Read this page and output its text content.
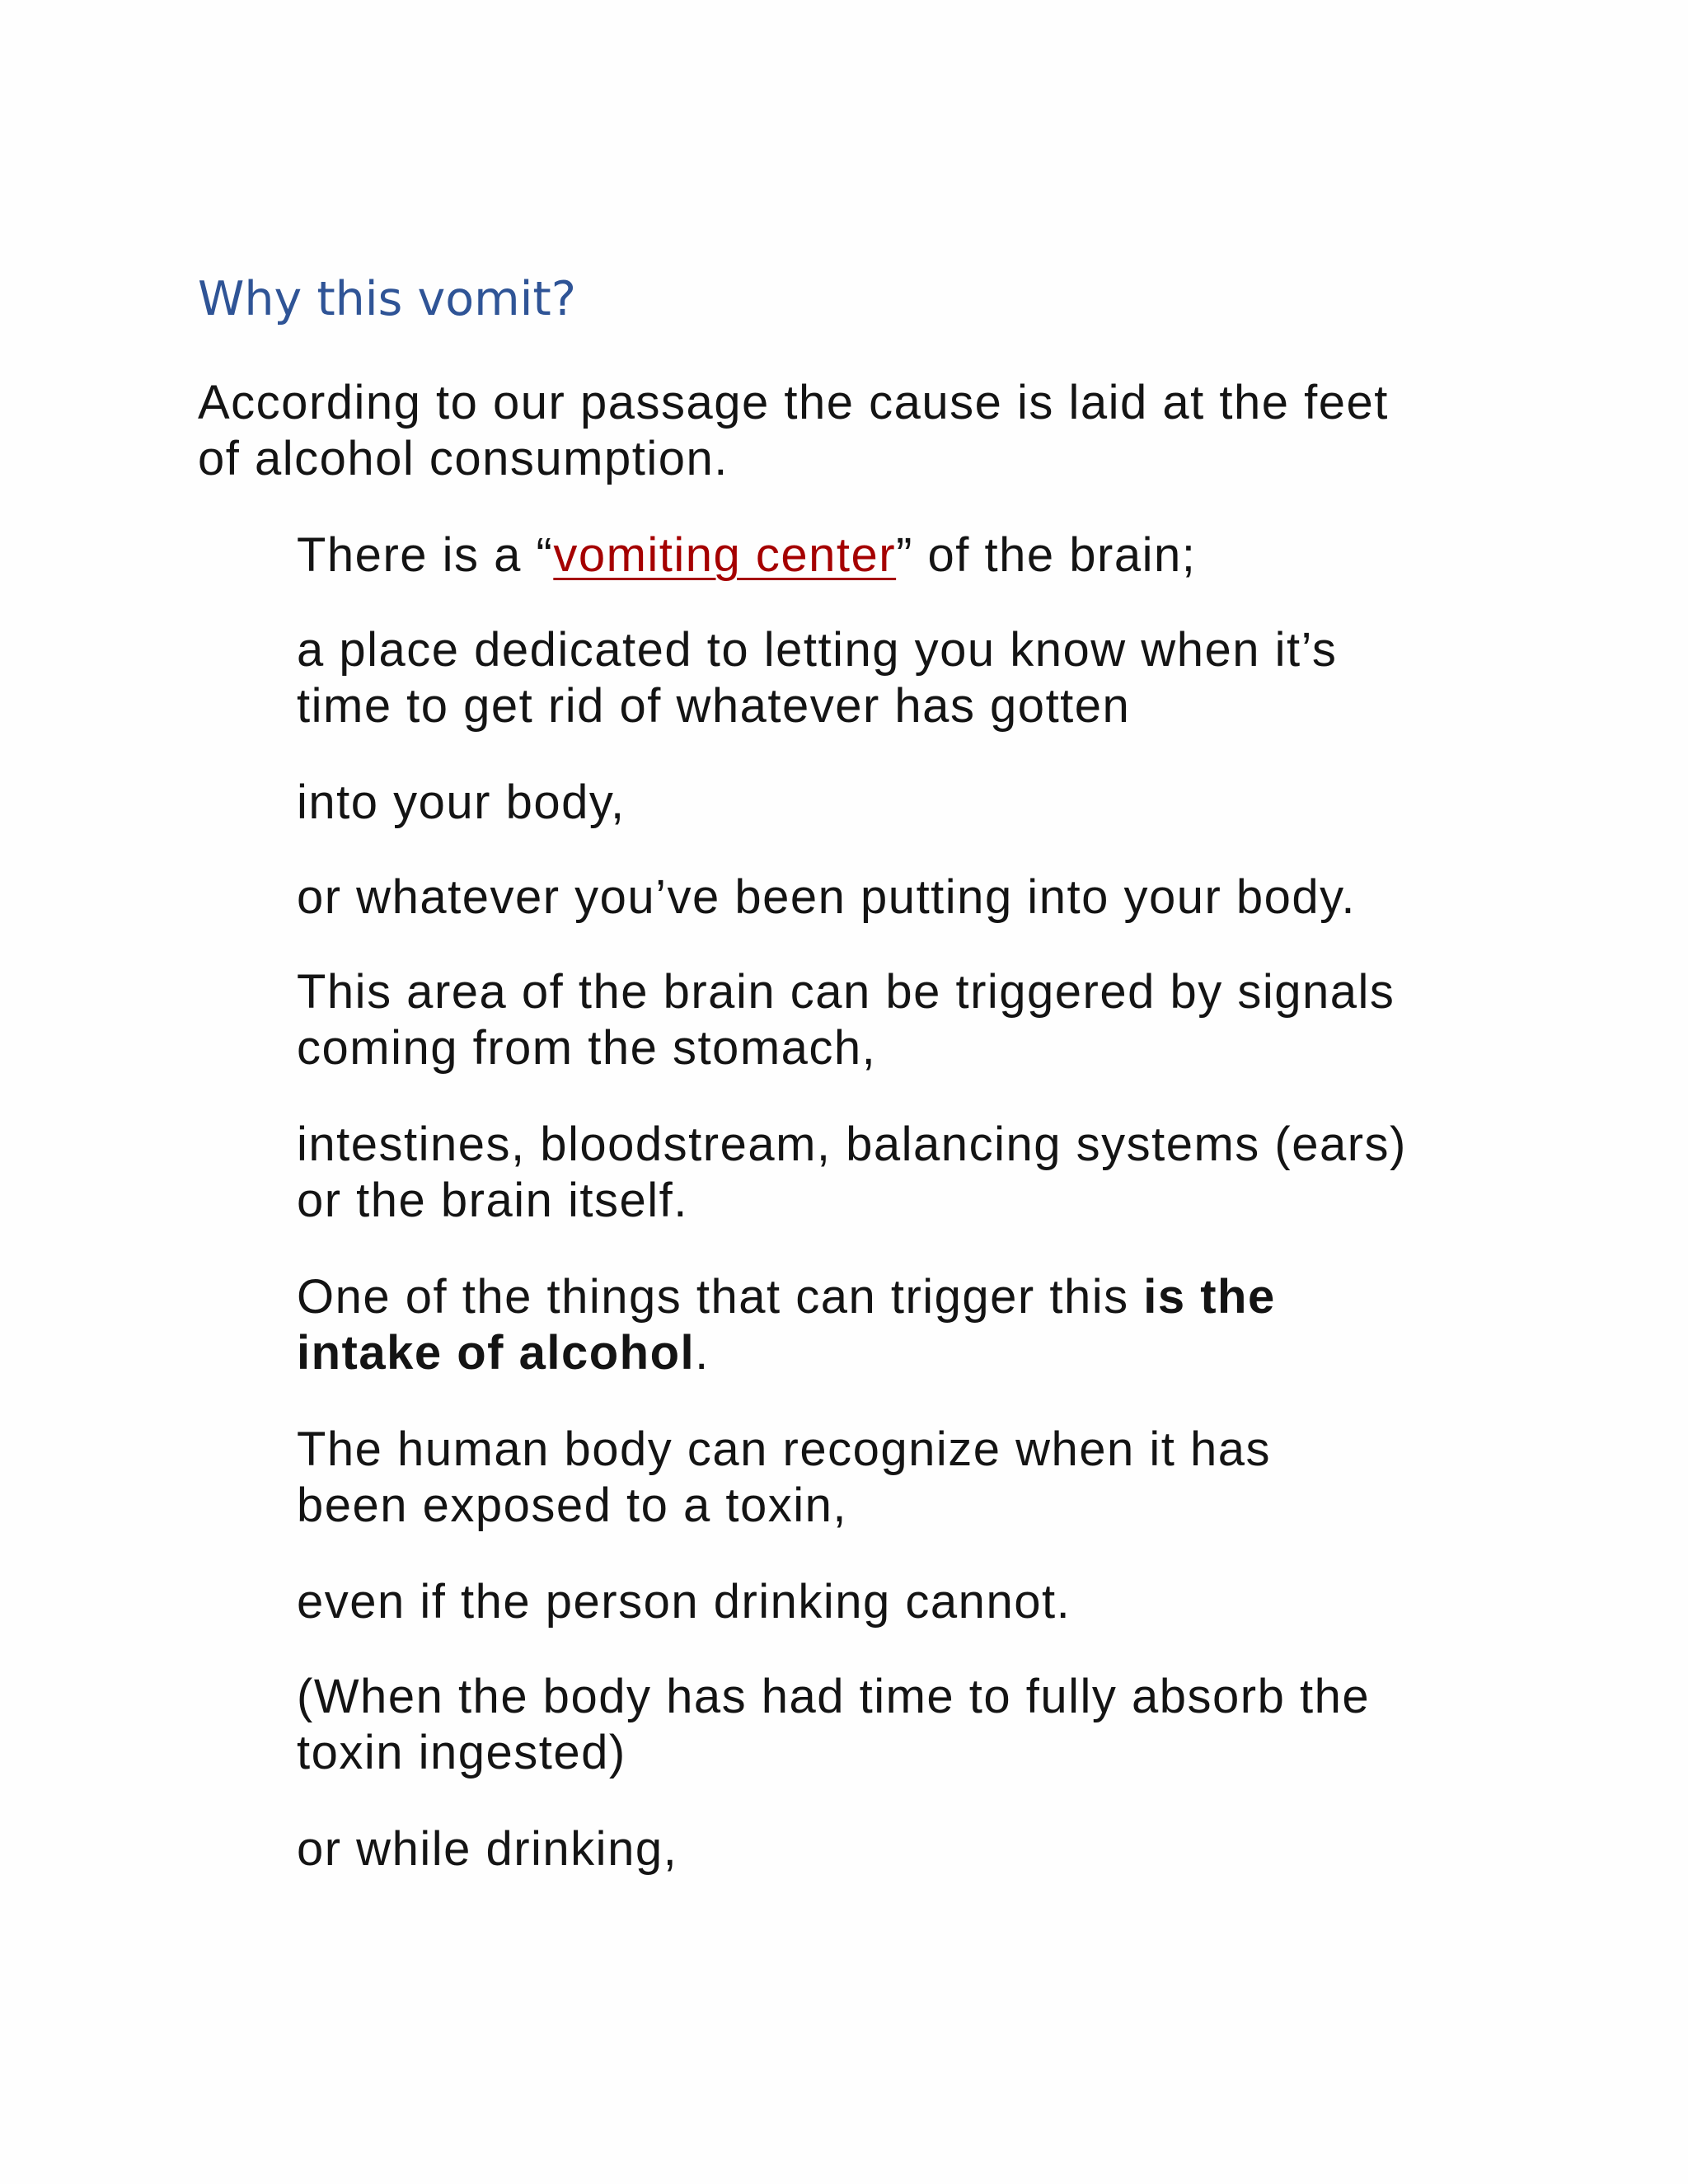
Why this vomit?

According to our passage the cause is laid at the feet
of alcohol consumption.

There is a “vomiting center” of the brain;

a place dedicated to letting you know when it’s
time to get rid of whatever has gotten

into your body,

or whatever you’ve been putting into your body.

This area of the brain can be triggered by signals
coming from the stomach,

intestines, bloodstream, balancing systems (ears)
or the brain itself.

One of the things that can trigger this is the
intake of alcohol.

The human body can recognize when it has
been exposed to a toxin,

even if the person drinking cannot.

(When the body has had time to fully absorb the
toxin ingested)

or while drinking,
